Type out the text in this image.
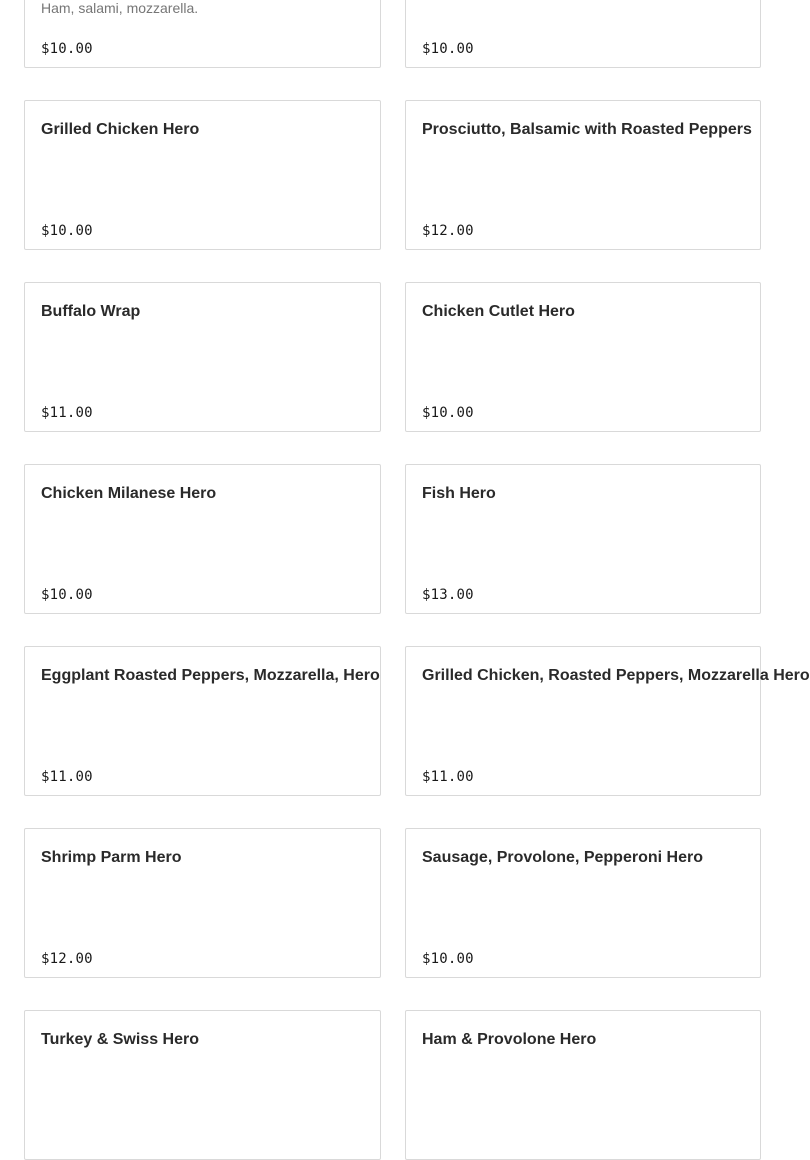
Ham, salami, mozzarella.
$10.00	$10.00
Grilled Chicken Hero
$10.00
Prosciutto, Balsamic with Roasted Peppers
$12.00
Buffalo Wrap
$11.00
Chicken Cutlet Hero
$10.00
Chicken Milanese Hero
$10.00
Fish Hero
$13.00
Eggplant Roasted Peppers, Mozzarella, Hero
$11.00
Grilled Chicken, Roasted Peppers, Mozzarella Hero
$11.00
Shrimp Parm Hero
$12.00
Sausage, Provolone, Pepperoni Hero
$10.00
Turkey & Swiss Hero	Ham & Provolone Hero
